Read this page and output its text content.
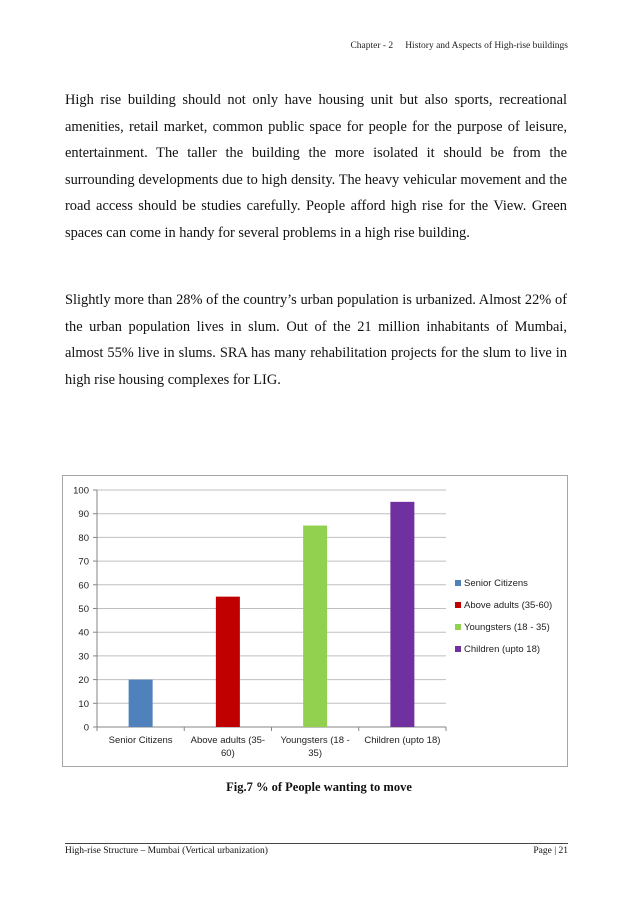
Chapter - 2 History and Aspects of High-rise buildings

High rise building should not only have housing unit but also sports, recreational amenities, retail market, common public space for people for the purpose of leisure, entertainment. The taller the building the more isolated it should be from the surrounding developments due to high density. The heavy vehicular movement and the road access should be studies carefully. People afford high rise for the View. Green spaces can come in handy for several problems in a high rise building.

Slightly more than 28% of the country’s urban population is urbanized. Almost 22% of the urban population lives in slum. Out of the 21 million inhabitants of Mumbai, almost 55% live in slums. SRA has many rehabilitation projects for the slum to live in high rise housing complexes for LIG.

0
10
20
30
40
50
60
70
80
90
100
Senior Citizens Above adults (35-
60)
Youngsters (18 -
35)
Children (upto 18)
Senior Citizens
Above adults (35-60)
Youngsters (18 - 35)
Children (upto 18)
Fig.7 % of People wanting to move
High-rise Structure – Mumbai (Vertical urbanization)	Page | 21
